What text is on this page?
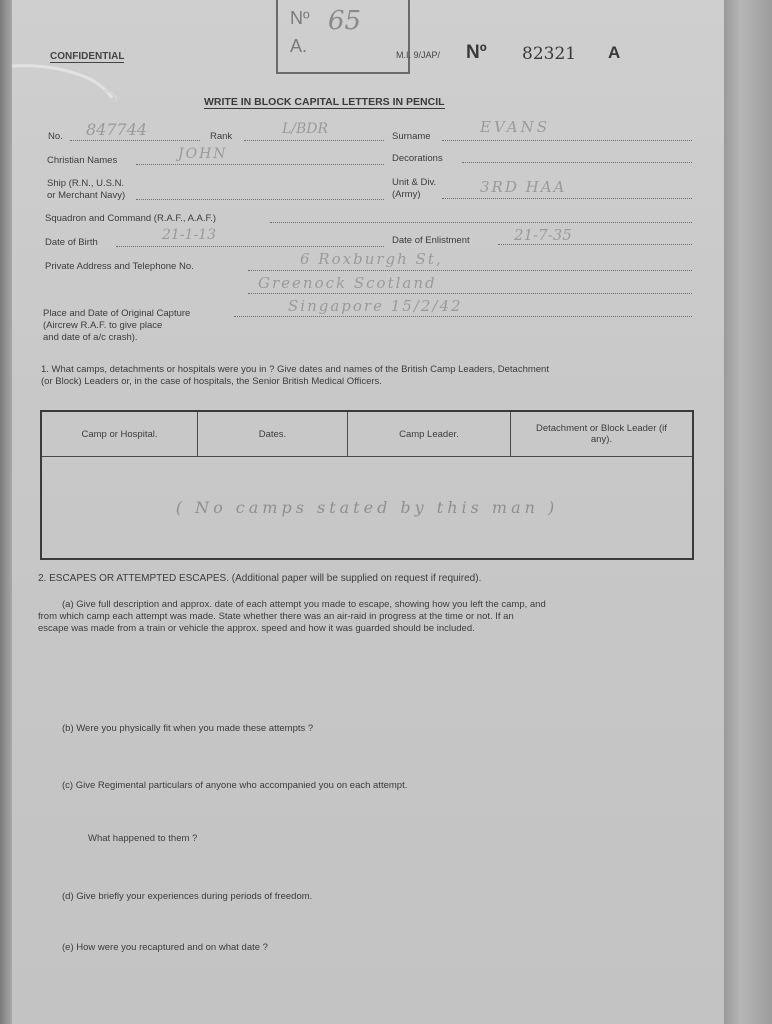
Nº 65
A.
CONFIDENTIAL	M.I. 9/JAP/ Nº 82321 A
WRITE IN BLOCK CAPITAL LETTERS IN PENCIL
No. 847744	Rank	L/BDR	Surname
EVANS
Christian Names	JOHN	Decorations
Ship (R.N., U.S.N.
or Merchant Navy)
Unit & Div.
(Army)	3RD HAA
Squadron and Command (R.A.F., A.A.F.)
Date of Birth	21-1-13	Date of Enlistment	21-7-35
Private Address and Telephone No.	6 Roxburgh St,
Greenock Scotland
Place and Date of Original Capture
(Aircrew R.A.F. to give place
and date of a/c crash).
Singapore 15/2/42
1. What camps, detachments or hospitals were you in ? Give dates and names of the British Camp Leaders, Detachment
(or Block) Leaders or, in the case of hospitals, the Senior British Medical Officers.
Camp or Hospital.	Dates.	Camp Leader.	Detachment or Block Leader (if any).
( No camps stated by this man )
2. ESCAPES OR ATTEMPTED ESCAPES. (Additional paper will be supplied on request if required).
(a) Give full description and approx. date of each attempt you made to escape, showing how you left the camp, and
from which camp each attempt was made. State whether there was an air-raid in progress at the time or not. If an
escape was made from a train or vehicle the approx. speed and how it was guarded should be included.
(b) Were you physically fit when you made these attempts ?
(c) Give Regimental particulars of anyone who accompanied you on each attempt.
What happened to them ?
(d) Give briefly your experiences during periods of freedom.
(e) How were you recaptured and on what date ?
